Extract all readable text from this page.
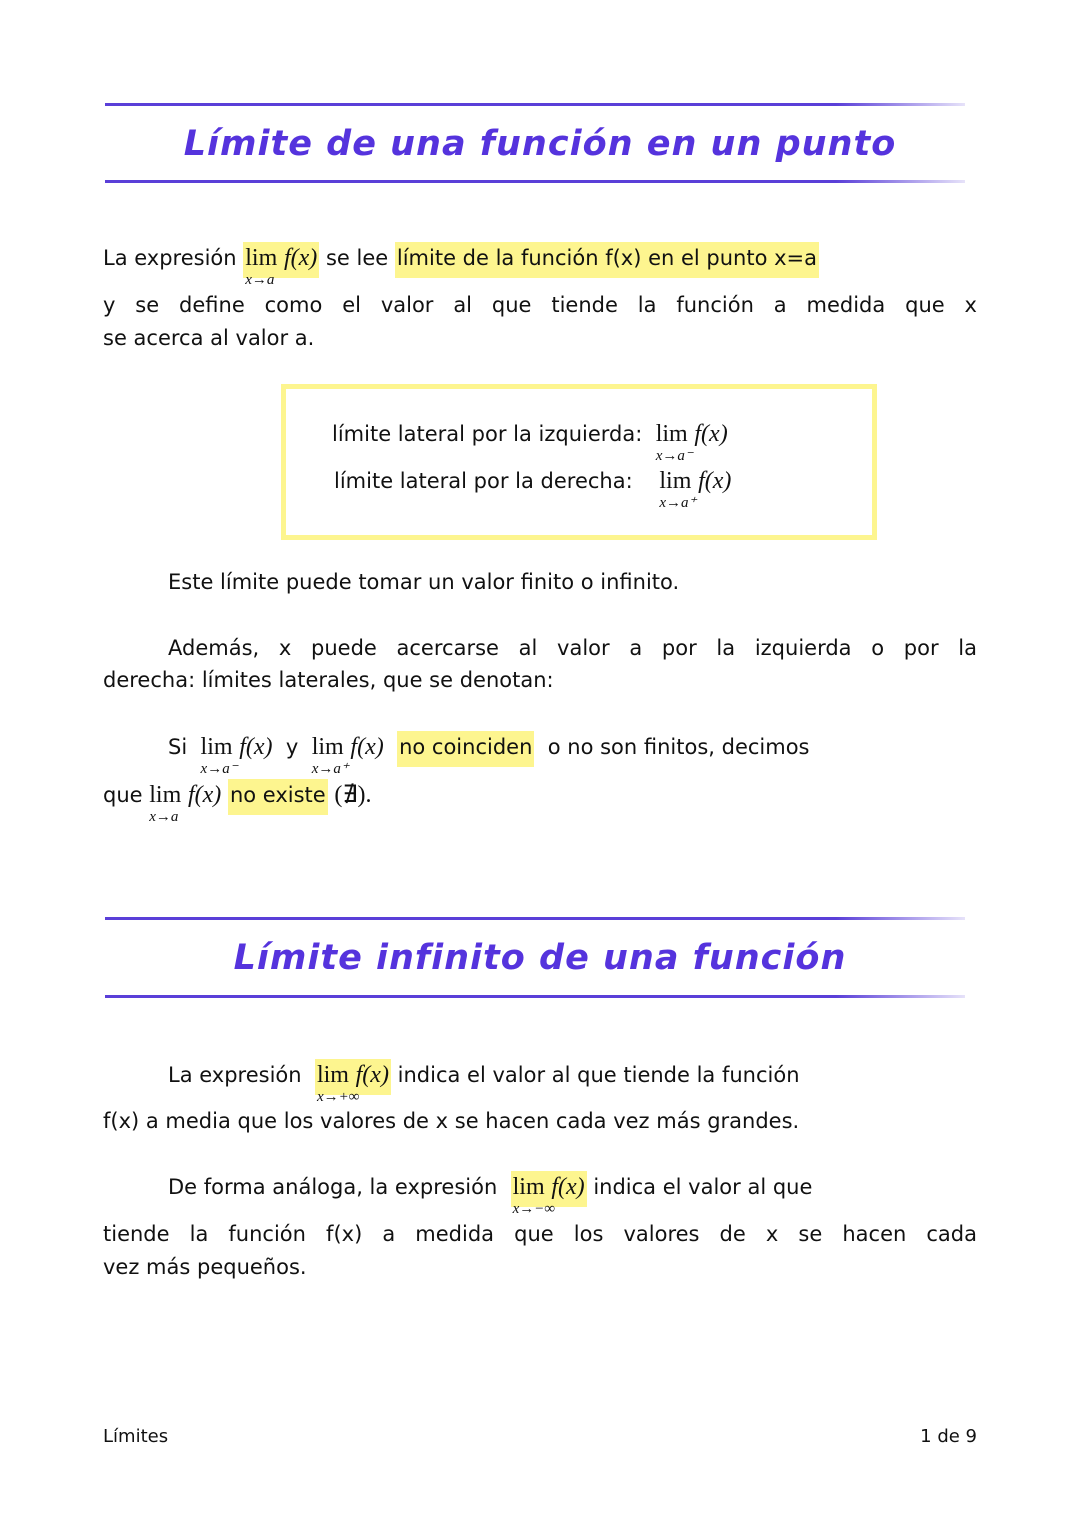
Límite de una función en un punto
La expresión lim
x→a
f(x) se lee límite de la función f(x) en el punto x=a
y se define como el valor al que tiende la función a medida que x
se acerca al valor a.
límite lateral por la izquierda: lim
x→a⁻
f(x)
límite lateral por la derecha: lim
x→a⁺
f(x)
Este límite puede tomar un valor finito o infinito.
Además, x puede acercarse al valor a por la izquierda o por la
derecha: límites laterales, que se denotan:
Si lim
x→a⁻
f(x) y lim
x→a⁺
f(x) no coinciden o no son finitos, decimos
que lim
x→a
f(x) no existe (∄).
Límite infinito de una función
La expresión lim
x→+∞
f(x) indica el valor al que tiende la función
f(x) a media que los valores de x se hacen cada vez más grandes.
De forma análoga, la expresión lim
x→−∞
f(x) indica el valor al que
tiende la función f(x) a medida que los valores de x se hacen cada
vez más pequeños.
Límites	1 de 9
